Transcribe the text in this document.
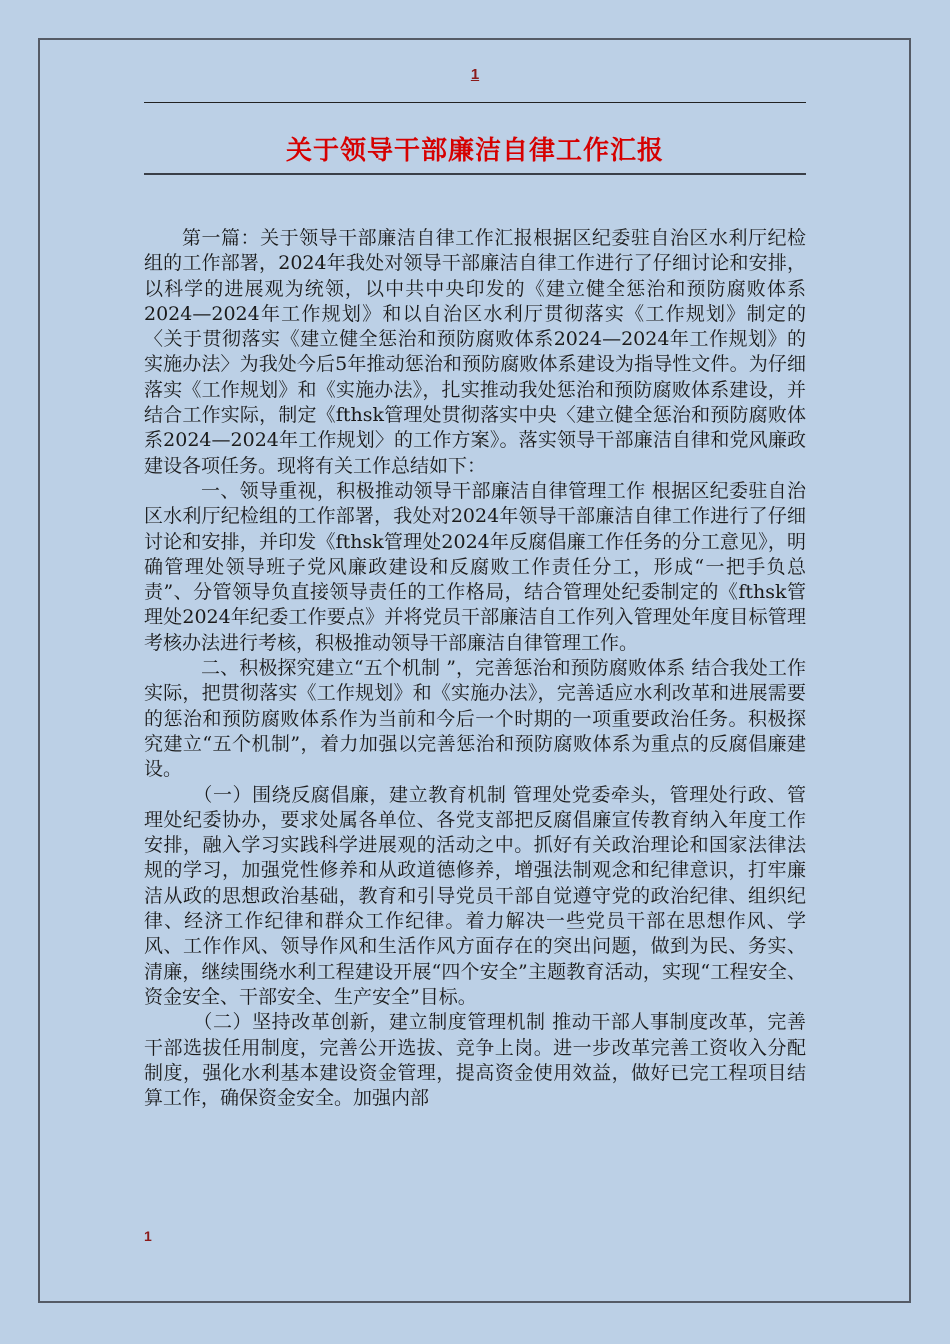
1
关于领导干部廉洁自律工作汇报

第一篇：关于领导干部廉洁自律工作汇报根据区纪委驻自治区水利厅纪检组的工作部署，2024年我处对领导干部廉洁自律工作进行了仔细讨论和安排，以科学的进展观为统领，以中共中央印发的《建立健全惩治和预防腐败体系2024—2024年工作规划》和以自治区水利厅贯彻落实《工作规划》制定的〈关于贯彻落实《建立健全惩治和预防腐败体系2024—2024年工作规划》的实施办法〉为我处今后5年推动惩治和预防腐败体系建设为指导性文件。为仔细落实《工作规划》和《实施办法》，扎实推动我处惩治和预防腐败体系建设，并结合工作实际，制定《fthsk管理处贯彻落实中央〈建立健全惩治和预防腐败体系2024—2024年工作规划〉的工作方案》。落实领导干部廉洁自律和党风廉政建设各项任务。现将有关工作总结如下：

一、领导重视，积极推动领导干部廉洁自律管理工作 根据区纪委驻自治区水利厅纪检组的工作部署，我处对2024年领导干部廉洁自律工作进行了仔细讨论和安排，并印发《fthsk管理处2024年反腐倡廉工作任务的分工意见》，明确管理处领导班子党风廉政建设和反腐败工作责任分工，形成“一把手负总责”、分管领导负直接领导责任的工作格局，结合管理处纪委制定的《fthsk管理处2024年纪委工作要点》并将党员干部廉洁自工作列入管理处年度目标管理考核办法进行考核，积极推动领导干部廉洁自律管理工作。

二、积极探究建立“五个机制 ”，完善惩治和预防腐败体系 结合我处工作实际，把贯彻落实《工作规划》和《实施办法》，完善适应水利改革和进展需要的惩治和预防腐败体系作为当前和今后一个时期的一项重要政治任务。积极探究建立“五个机制”，着力加强以完善惩治和预防腐败体系为重点的反腐倡廉建设。

（一）围绕反腐倡廉，建立教育机制 管理处党委牵头，管理处行政、管理处纪委协办，要求处属各单位、各党支部把反腐倡廉宣传教育纳入年度工作安排，融入学习实践科学进展观的活动之中。抓好有关政治理论和国家法律法规的学习，加强党性修养和从政道德修养，增强法制观念和纪律意识，打牢廉洁从政的思想政治基础，教育和引导党员干部自觉遵守党的政治纪律、组织纪律、经济工作纪律和群众工作纪律。着力解决一些党员干部在思想作风、学风、工作作风、领导作风和生活作风方面存在的突出问题，做到为民、务实、清廉，继续围绕水利工程建设开展“四个安全”主题教育活动，实现“工程安全、资金安全、干部安全、生产安全”目标。

（二）坚持改革创新，建立制度管理机制 推动干部人事制度改革，完善干部选拔任用制度，完善公开选拔、竞争上岗。进一步改革完善工资收入分配制度，强化水利基本建设资金管理，提高资金使用效益，做好已完工程项目结算工作，确保资金安全。加强内部

1
